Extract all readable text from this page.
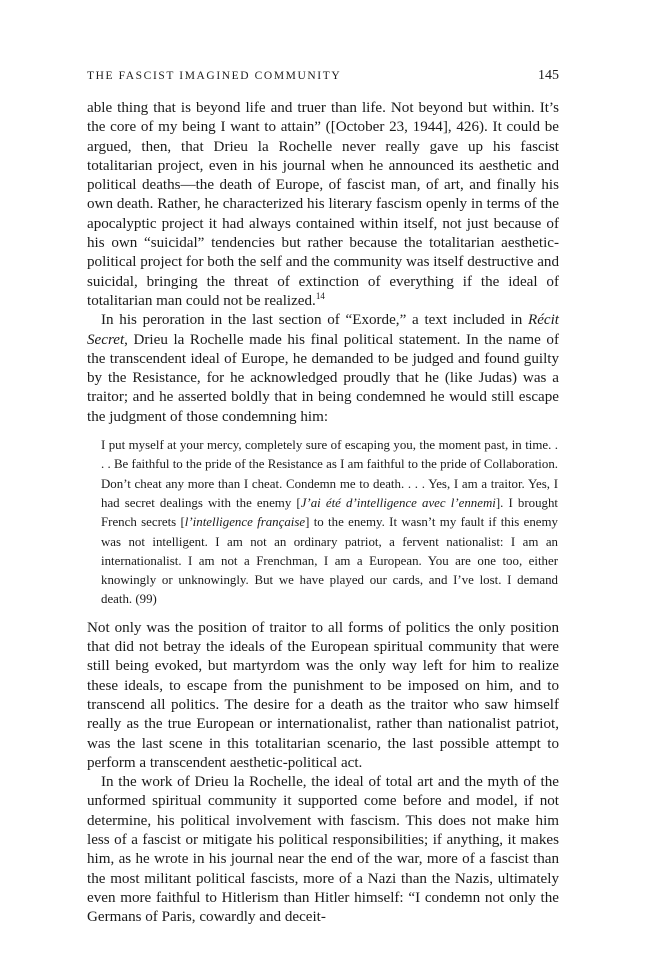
THE FASCIST IMAGINED COMMUNITY	145

able thing that is beyond life and truer than life. Not beyond but within. It’s the core of my being I want to attain” ([October 23, 1944], 426). It could be argued, then, that Drieu la Rochelle never really gave up his fascist totalitarian project, even in his journal when he announced its aesthetic and political deaths—the death of Europe, of fascist man, of art, and finally his own death. Rather, he characterized his literary fascism openly in terms of the apocalyptic project it had always contained within itself, not just because of his own “suicidal” tendencies but rather because the totalitarian aesthetic-political project for both the self and the community was itself destructive and suicidal, bringing the threat of extinction of everything if the ideal of totalitarian man could not be realized.$^{14}$

In his peroration in the last section of “Exorde,” a text included in Récit Secret, Drieu la Rochelle made his final political statement. In the name of the transcendent ideal of Europe, he demanded to be judged and found guilty by the Resistance, for he acknowledged proudly that he (like Judas) was a traitor; and he asserted boldly that in being condemned he would still escape the judgment of those condemning him:

I put myself at your mercy, completely sure of escaping you, the moment past, in time. . . . Be faithful to the pride of the Resistance as I am faithful to the pride of Collaboration. Don’t cheat any more than I cheat. Condemn me to death. . . . Yes, I am a traitor. Yes, I had secret dealings with the enemy [J’ai été d’intelligence avec l’ennemi]. I brought French secrets [l’intelligence française] to the enemy. It wasn’t my fault if this enemy was not intelligent. I am not an ordinary patriot, a fervent nationalist: I am an internationalist. I am not a Frenchman, I am a European. You are one too, either knowingly or unknowingly. But we have played our cards, and I’ve lost. I demand death. (99)

Not only was the position of traitor to all forms of politics the only position that did not betray the ideals of the European spiritual community that were still being evoked, but martyrdom was the only way left for him to realize these ideals, to escape from the punishment to be imposed on him, and to transcend all politics. The desire for a death as the traitor who saw himself really as the true European or internationalist, rather than nationalist patriot, was the last scene in this totalitarian scenario, the last possible attempt to perform a transcendent aesthetic-political act.

In the work of Drieu la Rochelle, the ideal of total art and the myth of the unformed spiritual community it supported come before and model, if not determine, his political involvement with fascism. This does not make him less of a fascist or mitigate his political responsibilities; if anything, it makes him, as he wrote in his journal near the end of the war, more of a fascist than the most militant political fascists, more of a Nazi than the Nazis, ultimately even more faithful to Hitlerism than Hitler himself: “I condemn not only the Germans of Paris, cowardly and deceit-
